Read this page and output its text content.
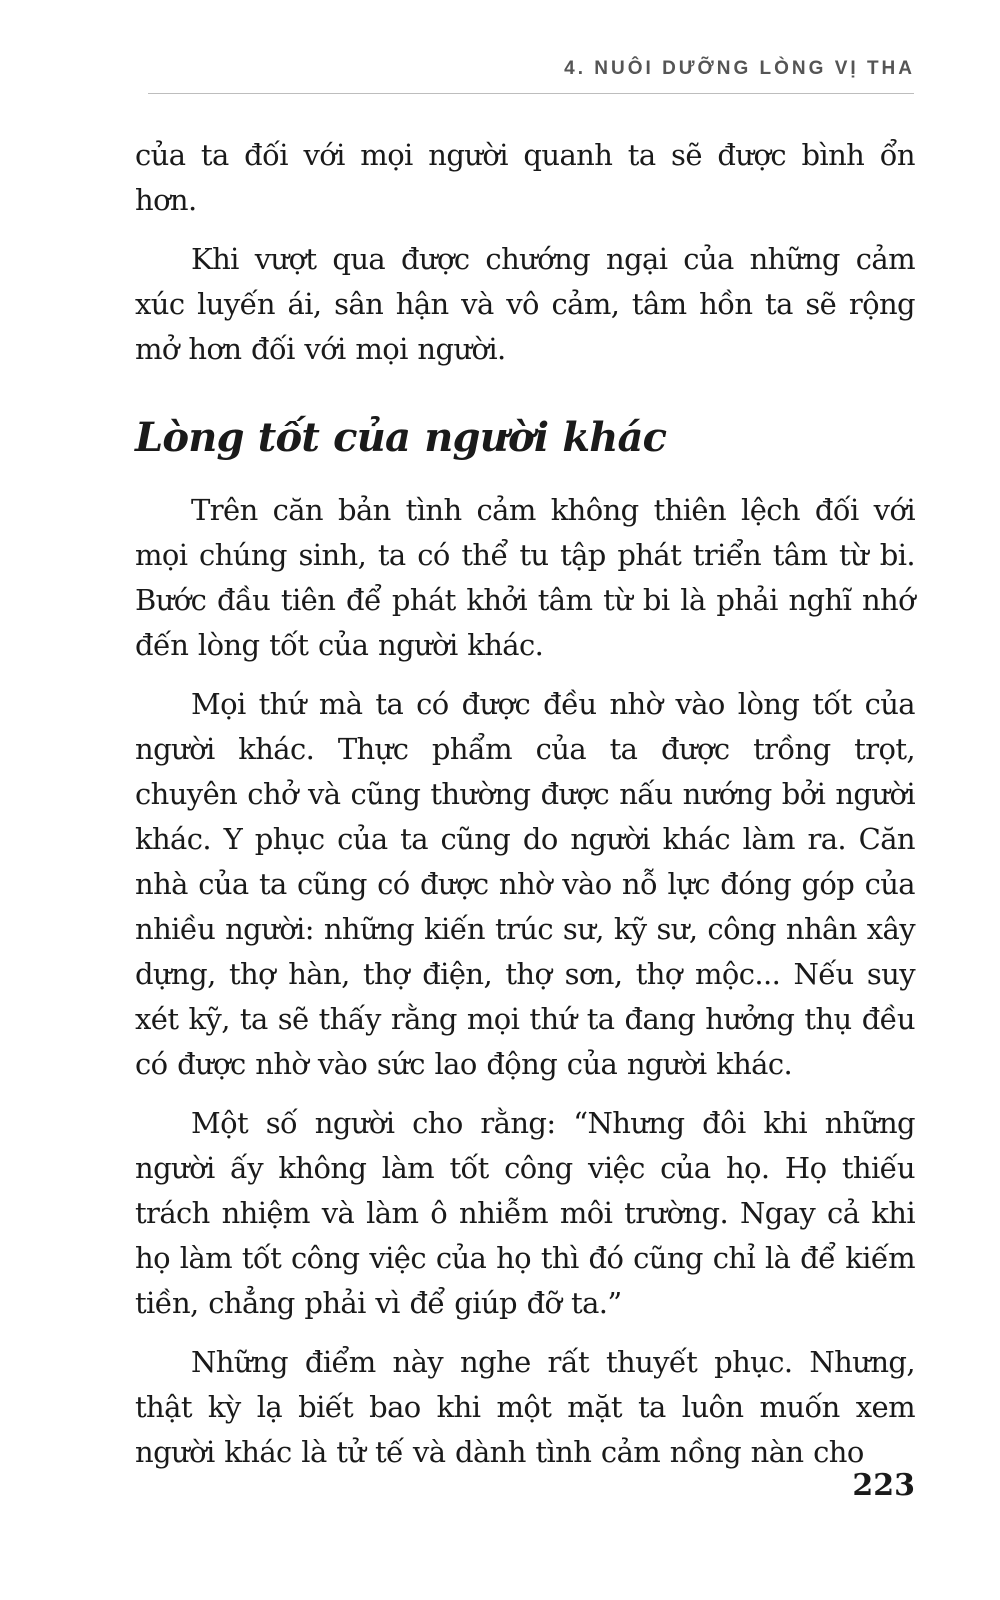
4. NUÔI DƯỠNG LÒNG VỊ THA

của ta đối với mọi người quanh ta sẽ được bình ổn hơn.

Khi vượt qua được chướng ngại của những cảm xúc luyến ái, sân hận và vô cảm, tâm hồn ta sẽ rộng mở hơn đối với mọi người.

Lòng tốt của người khác

Trên căn bản tình cảm không thiên lệch đối với mọi chúng sinh, ta có thể tu tập phát triển tâm từ bi. Bước đầu tiên để phát khởi tâm từ bi là phải nghĩ nhớ đến lòng tốt của người khác.

Mọi thứ mà ta có được đều nhờ vào lòng tốt của người khác. Thực phẩm của ta được trồng trọt, chuyên chở và cũng thường được nấu nướng bởi người khác. Y phục của ta cũng do người khác làm ra. Căn nhà của ta cũng có được nhờ vào nỗ lực đóng góp của nhiều người: những kiến trúc sư, kỹ sư, công nhân xây dựng, thợ hàn, thợ điện, thợ sơn, thợ mộc... Nếu suy xét kỹ, ta sẽ thấy rằng mọi thứ ta đang hưởng thụ đều có được nhờ vào sức lao động của người khác.

Một số người cho rằng: “Nhưng đôi khi những người ấy không làm tốt công việc của họ. Họ thiếu trách nhiệm và làm ô nhiễm môi trường. Ngay cả khi họ làm tốt công việc của họ thì đó cũng chỉ là để kiếm tiền, chẳng phải vì để giúp đỡ ta.”

Những điểm này nghe rất thuyết phục. Nhưng, thật kỳ lạ biết bao khi một mặt ta luôn muốn xem người khác là tử tế và dành tình cảm nồng nàn cho

223
